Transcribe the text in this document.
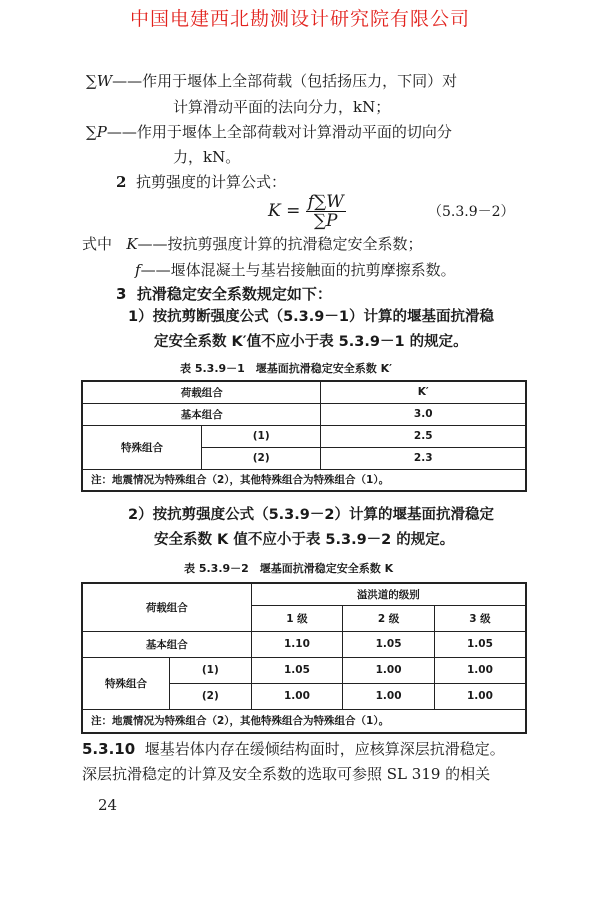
中国电建西北勘测设计研究院有限公司
∑W——作用于堰体上全部荷载（包括扬压力，下同）对
计算滑动平面的法向分力，kN；
∑P——作用于堰体上全部荷载对计算滑动平面的切向分
力，kN。
2 抗剪强度的计算公式：
$K = \frac{f\sum W}{\sum P}$	（5.3.9－2）
式中 K——按抗剪强度计算的抗滑稳定安全系数；
f——堰体混凝土与基岩接触面的抗剪摩擦系数。
3 抗滑稳定安全系数规定如下：
1）按抗剪断强度公式（5.3.9－1）计算的堰基面抗滑稳
定安全系数 K′值不应小于表 5.3.9－1 的规定。
表 5.3.9－1　堰基面抗滑稳定安全系数 K′
荷载组合		K′
基本组合		3.0
特殊组合	(1)	2.5
	(2)	2.3
注：地震情况为特殊组合（2），其他特殊组合为特殊组合（1）。		
2）按抗剪强度公式（5.3.9－2）计算的堰基面抗滑稳定
安全系数 K 值不应小于表 5.3.9－2 的规定。
表 5.3.9－2　堰基面抗滑稳定安全系数 K
荷载组合		溢洪道的级别		
		1 级	2 级	3 级
基本组合		1.10	1.05	1.05
特殊组合	(1)	1.05	1.00	1.00
	(2)	1.00	1.00	1.00
注：地震情况为特殊组合（2），其他特殊组合为特殊组合（1）。				
5.3.10 堰基岩体内存在缓倾结构面时，应核算深层抗滑稳定。
深层抗滑稳定的计算及安全系数的选取可参照 SL 319 的相关
24
